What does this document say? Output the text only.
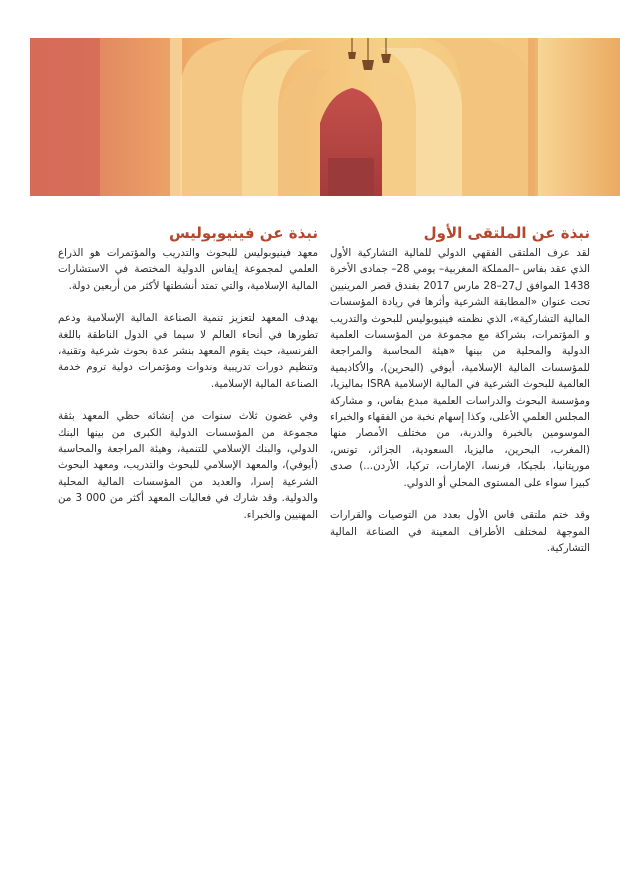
نبذة عن الملتقى الأول

لقد عرف الملتقى الفقهي الدولي للمالية التشاركية الأول الذي عقد بفاس –المملكة المغربية– يومي 28– جمادى الأخرة 1438 الموافق ل27–28 مارس 2017 بفندق قصر المرينيين تحت عنوان «المطابقة الشرعية وأثرها في ريادة المؤسسات المالية التشاركية»، الذي نظمته فينيوبوليس للبحوث والتدريب و المؤتمرات، بشراكة مع مجموعة من المؤسسات العلمية الدولية والمحلية من بينها «هيئة المحاسبة والمراجعة للمؤسسات المالية الإسلامية، أيوفي (البحرين)، والأكاديمية العالمية للبحوث الشرعية في المالية الإسلامية ISRA بماليزيا، ومؤسسة البحوث والدراسات العلمية مبدع بفاس، و مشاركة المجلس العلمي الأعلى، وكذا إسهام نخبة من الفقهاء والخبراء الموسومين بالخبرة والدربة، من مختلف الأمصار منها (المغرب، البحرين، ماليزيا، السعودية، الجزائر، تونس، موريتانيا، بلجيكا، فرنسا، الإمارات، تركيا، الأردن...) صدى كبيرا سواء على المستوى المحلي أو الدولي.

وقد ختم ملتقى فاس الأول بعدد من التوصيات والقرارات الموجهة لمختلف الأطراف المعينة في الصناعة المالية التشاركية.

نبذة عن فينيوبوليس

معهد فينيوبوليس للبحوث والتدريب والمؤتمرات هو الذراع العلمي لمجموعة إيفاس الدولية المختصة في الاستشارات المالية الإسلامية، والتي تمتد أنشطتها لأكثر من أربعين دولة.

يهدف المعهد لتعزيز تنمية الصناعة المالية الإسلامية ودعم تطورها في أنحاء العالم لا سيما في الدول الناطقة باللغة الفرنسية، حيث يقوم المعهد بنشر عدة بحوث شرعية وتقنية، وتنظيم دورات تدريبية وندوات ومؤتمرات دولية تروم خدمة الصناعة المالية الإسلامية.

وفي غضون ثلاث سنوات من إنشائه حظي المعهد بثقة مجموعة من المؤسسات الدولية الكبرى من بينها البنك الدولي، والبنك الإسلامي للتنمية، وهيئة المراجعة والمحاسبة (أيوفي)، والمعهد الإسلامي للبحوث والتدريب، ومعهد البحوث الشرعية إسرا، والعديد من المؤسسات المالية المحلية والدولية. وقد شارك في فعاليات المعهد أكثر من 000 3 من المهنيين والخبراء.
